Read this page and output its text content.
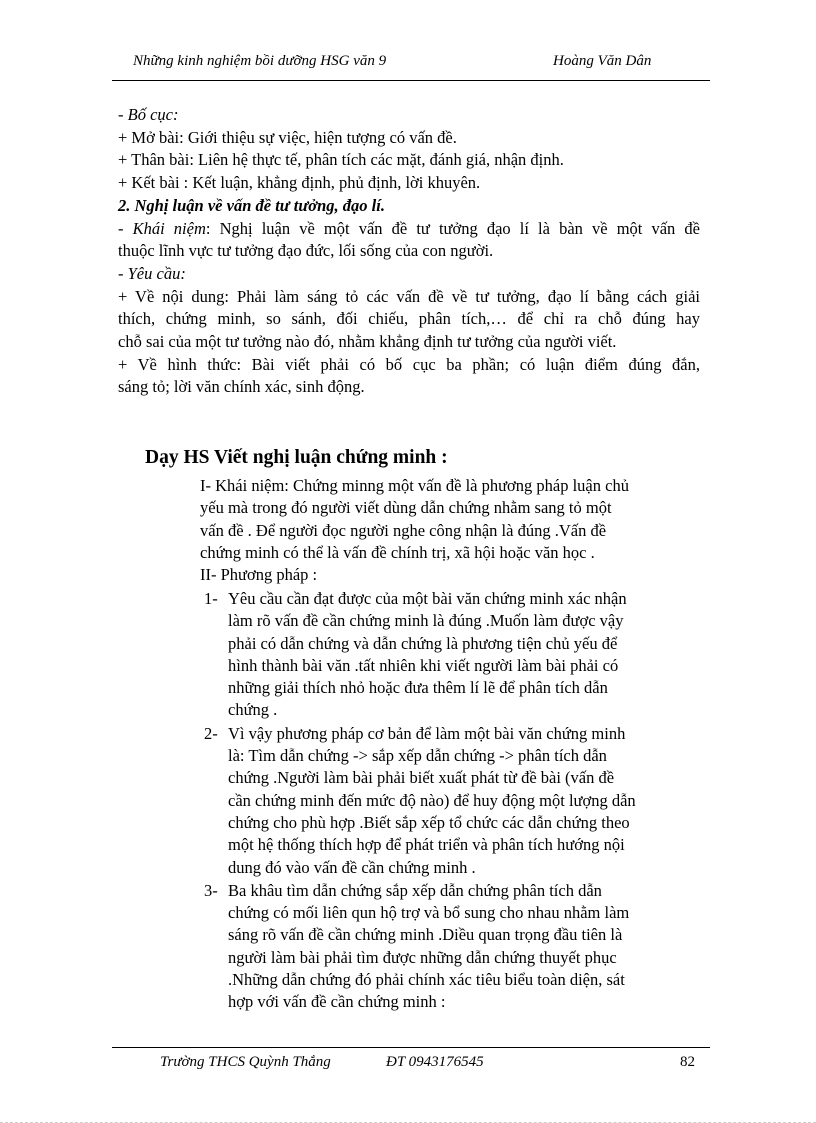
Những kinh nghiệm bồi dưỡng HSG văn 9	Hoàng Văn Dân

- Bố cục:

+ Mở bài: Giới thiệu sự việc, hiện tượng có vấn đề.

+ Thân bài: Liên hệ thực tế, phân tích các mặt, đánh giá, nhận định.

+ Kết bài : Kết luận, khẳng định, phủ định, lời khuyên.

2. Nghị luận về vấn đề tư tưởng, đạo lí.

- Khái niệm: Nghị luận về một vấn đề tư tưởng đạo lí là bàn về một vấn đề

thuộc lĩnh vực tư tưởng đạo đức, lối sống của con người.

- Yêu cầu:

+ Về nội dung: Phải làm sáng tỏ các vấn đề về tư tưởng, đạo lí bằng cách giải

thích, chứng minh, so sánh, đối chiếu, phân tích,… để chỉ ra chỗ đúng hay

chỗ sai của một tư tưởng nào đó, nhằm khẳng định tư tưởng của người viết.

+ Về hình thức: Bài viết phải có bố cục ba phần; có luận điểm đúng đắn,

sáng tỏ; lời văn chính xác, sinh động.

Dạy HS Viết nghị luận chứng minh :

I- Khái niệm: Chứng minng một vấn đề là phương pháp luận chủ

yếu mà trong đó người viết dùng dẫn chứng nhằm sang tỏ một

vấn đề . Để người đọc người nghe công nhận là đúng .Vấn đề

chứng minh có thể là vấn đề chính trị, xã hội hoặc văn học .

II- Phương pháp :

1- Yêu cầu cần đạt được của một bài văn chứng minh xác nhận

làm rõ vấn đề cần chứng minh là đúng .Muốn làm được vậy

phải có dẫn chứng và dẫn chứng là phương tiện chủ yếu để

hình thành bài văn .tất nhiên khi viết người làm bài phải có

những giải thích nhỏ hoặc đưa thêm lí lẽ để phân tích dẫn

chứng .

2- Vì vậy phương pháp cơ bản để làm một bài văn chứng minh

là: Tìm dẫn chứng -> sắp xếp dẫn chứng -> phân tích dẫn

chứng .Người làm bài phải biết xuất phát từ đề bài (vấn đề

cần chứng minh đến mức độ nào) để huy động một lượng dẫn

chứng cho phù hợp .Biết sắp xếp tổ chức các dẫn chứng theo

một hệ thống thích hợp để phát triển và phân tích hướng nội

dung đó vào vấn đề cần chứng minh .

3- Ba khâu tìm dẫn chứng sắp xếp dẫn chứng phân tích dẫn

chứng có mối liên qun hộ trợ và bổ sung cho nhau nhằm làm

sáng rõ vấn đề cần chứng minh .Diều quan trọng đầu tiên là

người làm bài phải tìm được những dẫn chứng thuyết phục

.Những dẫn chứng đó phải chính xác tiêu biểu toàn diện, sát

hợp với vấn đề cần chứng minh :

Trường THCS Quỳnh Thắng	ĐT 0943176545	82
